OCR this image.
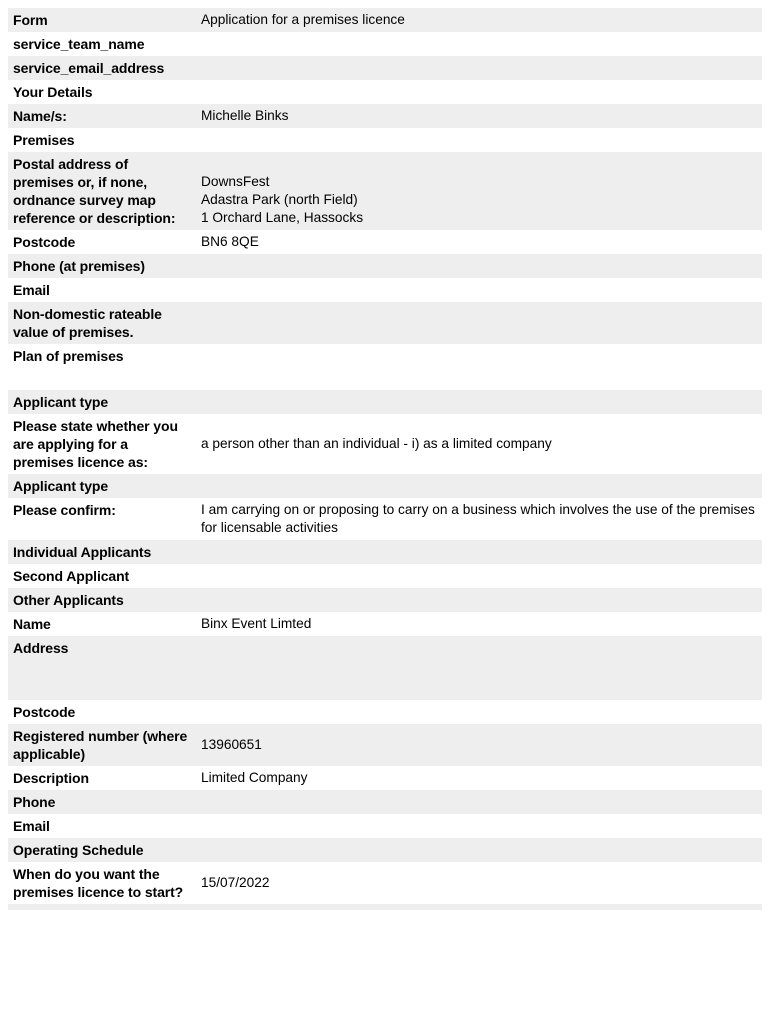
Form	Application for a premises licence
service_team_name	
service_email_address	
Your Details	
Name/s:	Michelle Binks
Premises	
Postal address of premises or, if none, ordnance survey map reference or description:	DownsFest
Adastra Park (north Field)
1 Orchard Lane, Hassocks
Postcode	BN6 8QE
Phone (at premises)	
Email	
Non-domestic rateable value of premises.	
Plan of premises	
Applicant type	
Please state whether you are applying for a premises licence as:	a person other than an individual - i) as a limited company
Applicant type	
Please confirm:	I am carrying on or proposing to carry on a business which involves the use of the premises for licensable activities
Individual Applicants	
Second Applicant	
Other Applicants	
Name	Binx Event Limted
Address	
Postcode	
Registered number (where applicable)	13960651
Description	Limited Company
Phone	
Email	
Operating Schedule	
When do you want the premises licence to start?	15/07/2022
